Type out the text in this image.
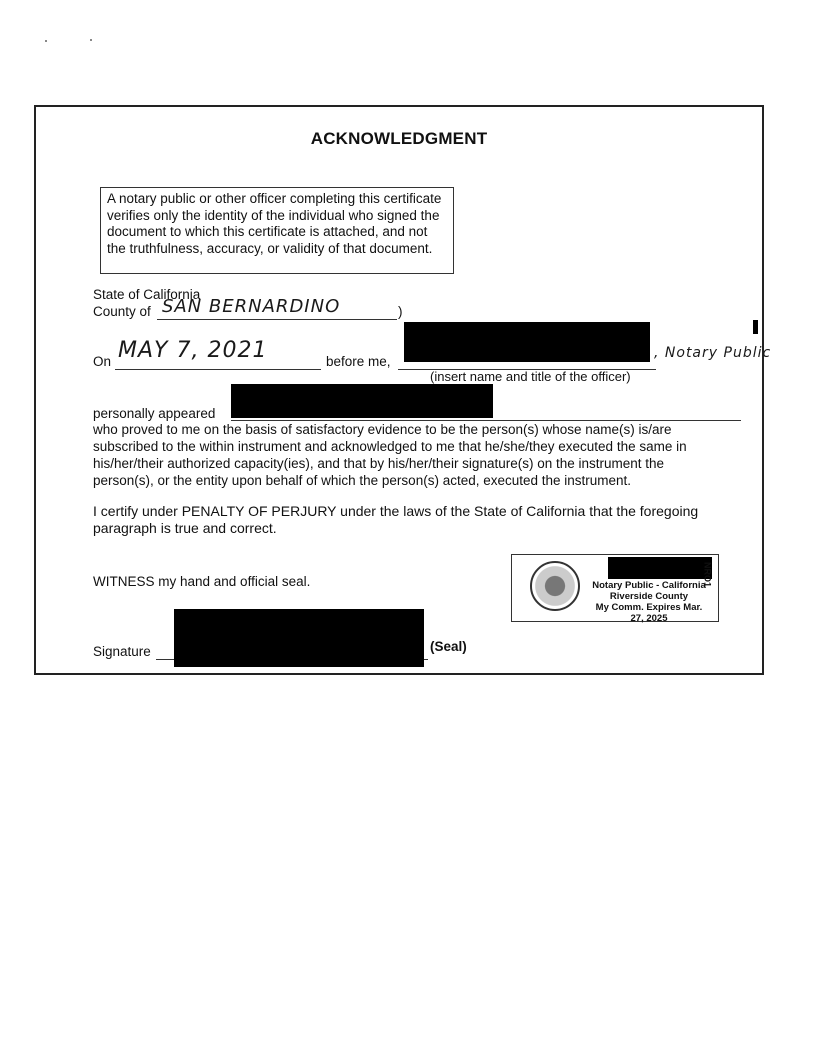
ACKNOWLEDGMENT
A notary public or other officer completing this certificate verifies only the identity of the individual who signed the document to which this certificate is attached, and not the truthfulness, accuracy, or validity of that document.
State of California
County of SAN BERNARDINO	)
On MAY 7, 2021	before me,
, Notary Public
(insert name and title of the officer)
personally appeared
who proved to me on the basis of satisfactory evidence to be the person(s) whose name(s) is/are
subscribed to the within instrument and acknowledged to me that he/she/they executed the same in
his/her/their authorized capacity(ies), and that by his/her/their signature(s) on the instrument the
person(s), or the entity upon behalf of which the person(s) acted, executed the instrument.
I certify under PENALTY OF PERJURY under the laws of the State of California that the foregoing
paragraph is true and correct.
WITNESS my hand and official seal.	Notary Public - California
Riverside County
My Comm. Expires Mar. 27, 2025
NRO1
Signature	(Seal)
